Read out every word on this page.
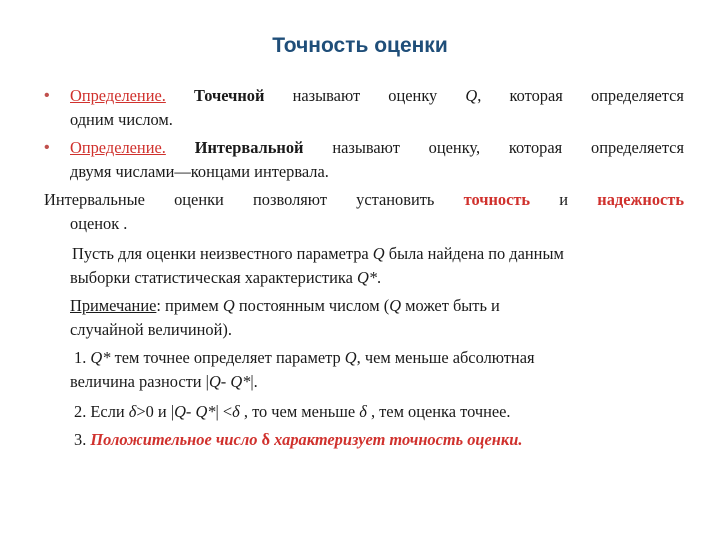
Точность оценки
• Определение. Точечной называют оценку Q, которая определяется
одним числом.
• Определение. Интервальной называют оценку, которая определяется
двумя числами—концами интервала.
Интервальные оценки позволяют установить точность и надежность
оценок .
Пусть для оценки неизвестного параметра Q была найдена по данным
выборки статистическая характеристика Q*.
Примечание: примем Q постоянным числом (Q может быть и
случайной величиной).
1. Q* тем точнее определяет параметр Q, чем меньше абсолютная
величина разности |Q- Q*|.
2. Если δ>0 и |Q- Q*| <δ , то чем меньше δ , тем оценка точнее.
3. Положительное число δ характеризует точность оценки.
